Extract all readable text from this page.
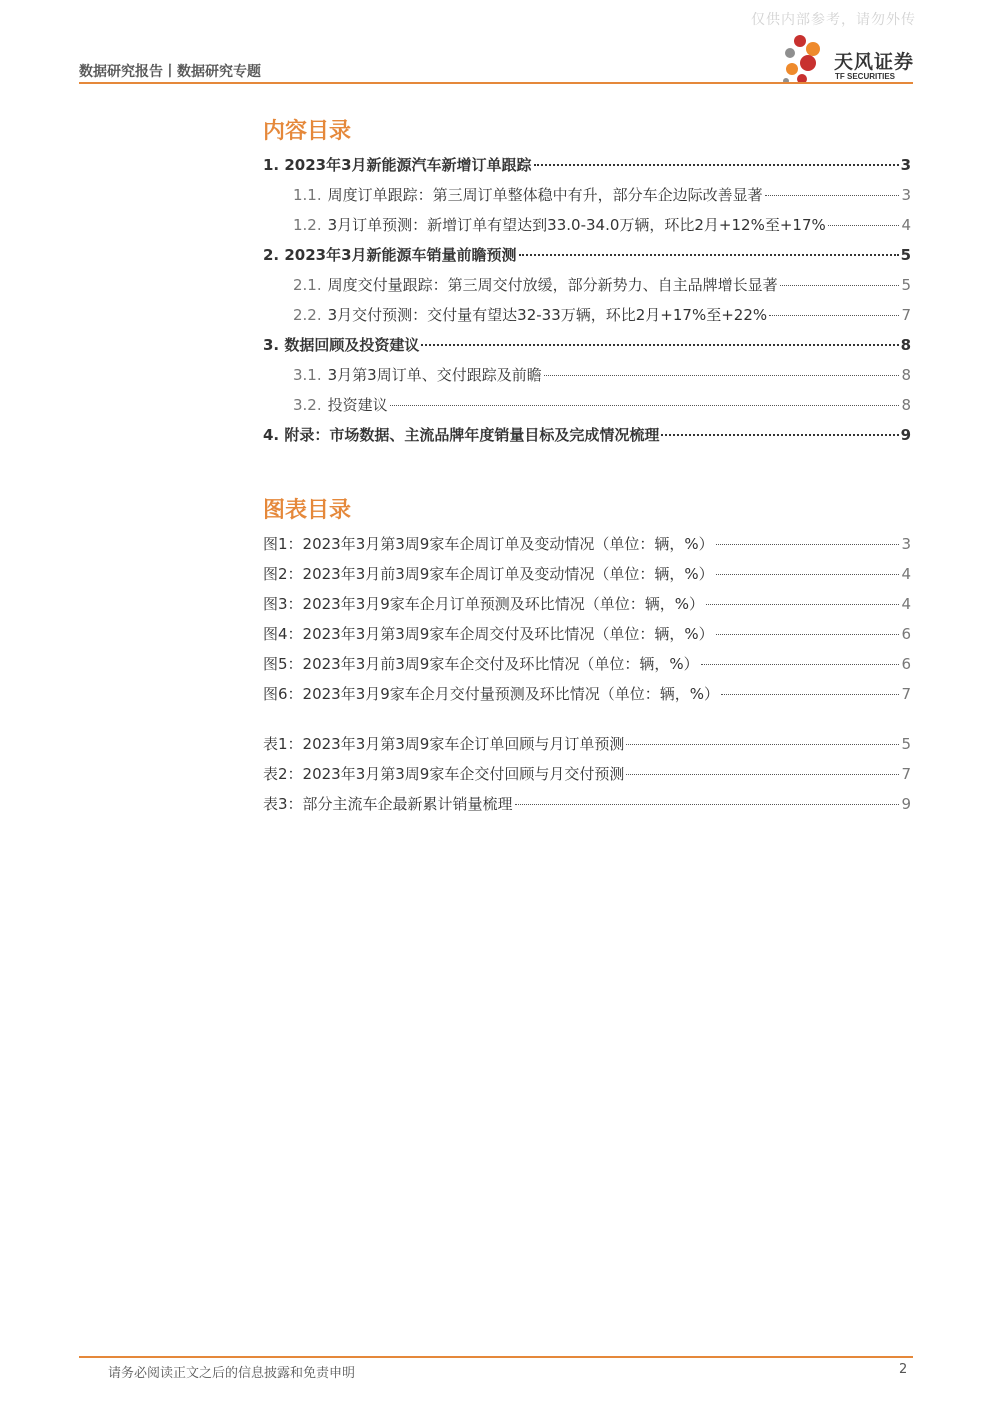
仅供内部参考，请勿外传
数据研究报告丨数据研究专题	天风证券
TF SECURITIES
内容目录
1. 2023年3月新能源汽车新增订单跟踪	3
1.1. 周度订单跟踪：第三周订单整体稳中有升，部分车企边际改善显著	3
1.2. 3月订单预测：新增订单有望达到33.0-34.0万辆，环比2月+12%至+17%	4
2. 2023年3月新能源车销量前瞻预测	5
2.1. 周度交付量跟踪：第三周交付放缓，部分新势力、自主品牌增长显著	5
2.2. 3月交付预测：交付量有望达32-33万辆，环比2月+17%至+22%	7
3. 数据回顾及投资建议	8
3.1. 3月第3周订单、交付跟踪及前瞻	8
3.2. 投资建议	8
4. 附录：市场数据、主流品牌年度销量目标及完成情况梳理	9
图表目录
图1：2023年3月第3周9家车企周订单及变动情况（单位：辆，%）	3
图2：2023年3月前3周9家车企周订单及变动情况（单位：辆，%）	4
图3：2023年3月9家车企月订单预测及环比情况（单位：辆，%）	4
图4：2023年3月第3周9家车企周交付及环比情况（单位：辆，%）	6
图5：2023年3月前3周9家车企交付及环比情况（单位：辆，%）	6
图6：2023年3月9家车企月交付量预测及环比情况（单位：辆，%）	7
表1：2023年3月第3周9家车企订单回顾与月订单预测	5
表2：2023年3月第3周9家车企交付回顾与月交付预测	7
表3：部分主流车企最新累计销量梳理	9
请务必阅读正文之后的信息披露和免责申明	2
